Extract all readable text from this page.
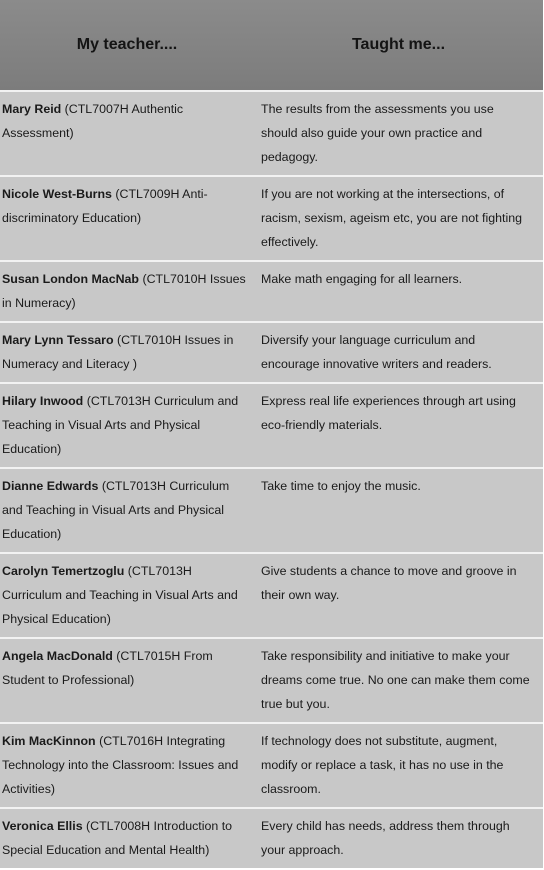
My teacher....	Taught me...
Mary Reid (CTL7007H Authentic Assessment)	The results from the assessments you use should also guide your own practice and pedagogy.
Nicole West-Burns (CTL7009H Anti-discriminatory Education)	If you are not working at the intersections, of racism, sexism, ageism etc, you are not fighting effectively.
Susan London MacNab (CTL7010H Issues in Numeracy)	Make math engaging for all learners.
Mary Lynn Tessaro (CTL7010H Issues in Numeracy and Literacy )	Diversify your language curriculum and encourage innovative writers and readers.
Hilary Inwood (CTL7013H Curriculum and Teaching in Visual Arts and Physical Education)	Express real life experiences through art using eco-friendly materials.
Dianne Edwards (CTL7013H Curriculum and Teaching in Visual Arts and Physical Education)	Take time to enjoy the music.
Carolyn Temertzoglu (CTL7013H Curriculum and Teaching in Visual Arts and Physical Education)	Give students a chance to move and groove in their own way.
Angela MacDonald (CTL7015H From Student to Professional)	Take responsibility and initiative to make your dreams come true. No one can make them come true but you.
Kim MacKinnon (CTL7016H Integrating Technology into the Classroom: Issues and Activities)	If technology does not substitute, augment, modify or replace a task, it has no use in the classroom.
Veronica Ellis (CTL7008H Introduction to Special Education and Mental Health)	Every child has needs, address them through your approach.
